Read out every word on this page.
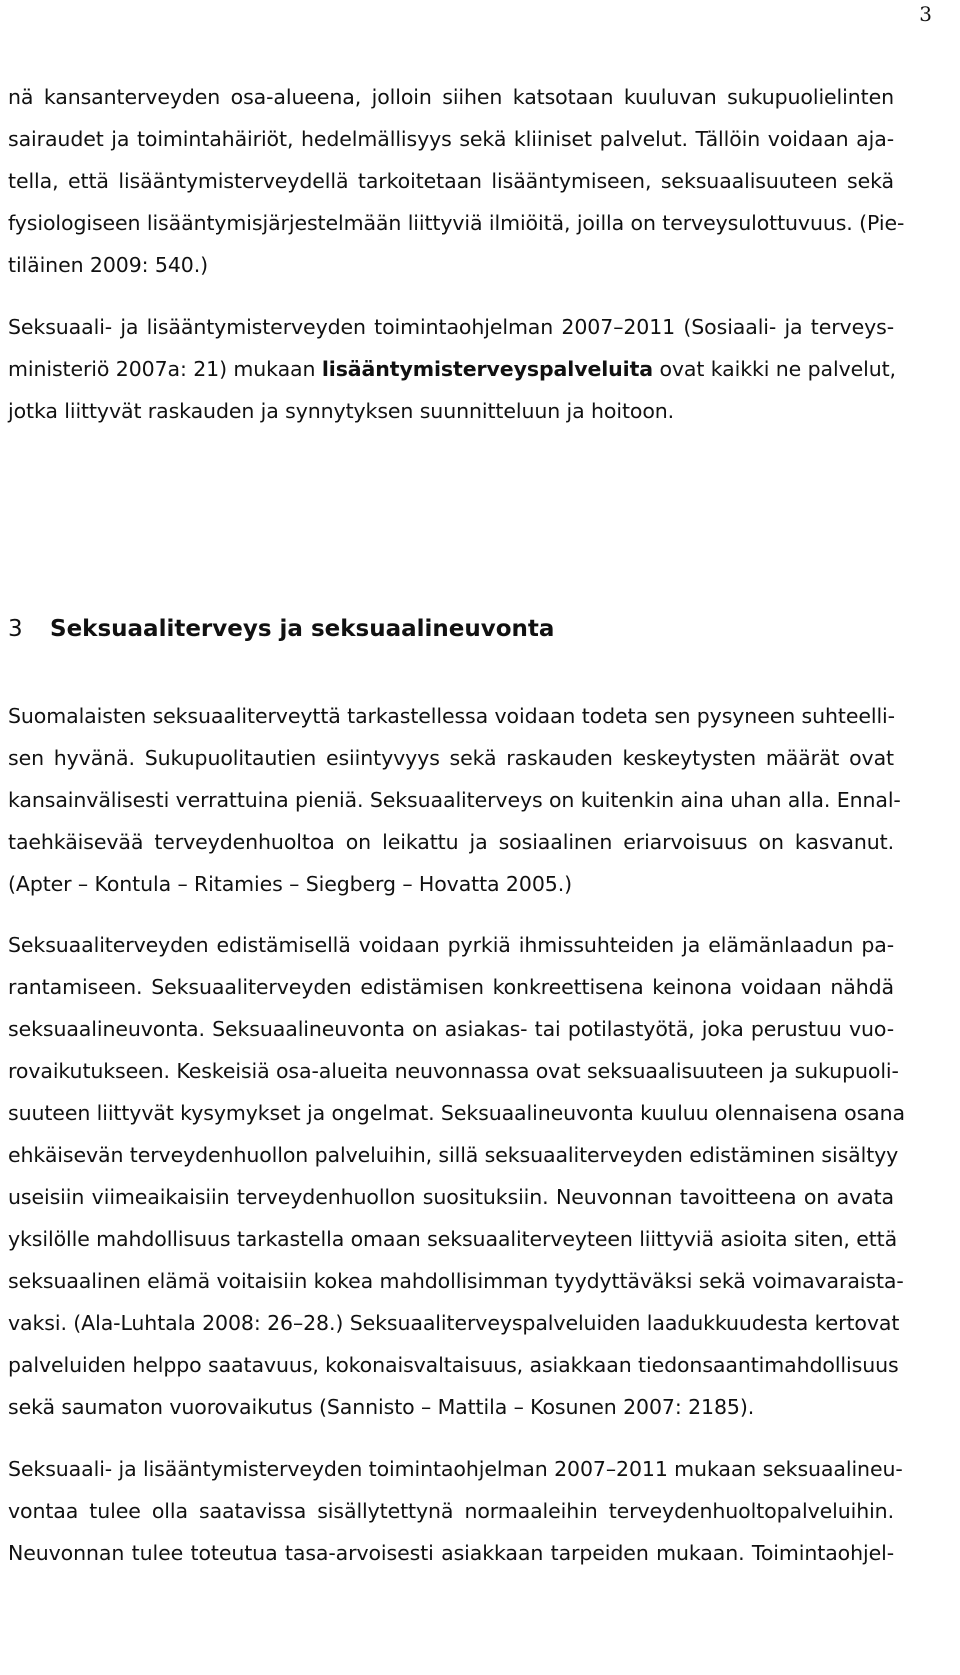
3
nä kansanterveyden osa-alueena, jolloin siihen katsotaan kuuluvan sukupuolielinten
sairaudet ja toimintahäiriöt, hedelmällisyys sekä kliiniset palvelut. Tällöin voidaan aja-
tella, että lisääntymisterveydellä tarkoitetaan lisääntymiseen, seksuaalisuuteen sekä
fysiologiseen lisääntymisjärjestelmään liittyviä ilmiöitä, joilla on terveysulottuvuus. (Pie-
tiläinen 2009: 540.)
Seksuaali- ja lisääntymisterveyden toimintaohjelman 2007–2011 (Sosiaali- ja terveys-
ministeriö 2007a: 21) mukaan lisääntymisterveyspalveluita ovat kaikki ne palvelut,
jotka liittyvät raskauden ja synnytyksen suunnitteluun ja hoitoon.
3 Seksuaaliterveys ja seksuaalineuvonta
Suomalaisten seksuaaliterveyttä tarkastellessa voidaan todeta sen pysyneen suhteelli-
sen hyvänä. Sukupuolitautien esiintyvyys sekä raskauden keskeytysten määrät ovat
kansainvälisesti verrattuina pieniä. Seksuaaliterveys on kuitenkin aina uhan alla. Ennal-
taehkäisevää terveydenhuoltoa on leikattu ja sosiaalinen eriarvoisuus on kasvanut.
(Apter – Kontula – Ritamies – Siegberg – Hovatta 2005.)
Seksuaaliterveyden edistämisellä voidaan pyrkiä ihmissuhteiden ja elämänlaadun pa-
rantamiseen. Seksuaaliterveyden edistämisen konkreettisena keinona voidaan nähdä
seksuaalineuvonta. Seksuaalineuvonta on asiakas- tai potilastyötä, joka perustuu vuo-
rovaikutukseen. Keskeisiä osa-alueita neuvonnassa ovat seksuaalisuuteen ja sukupuoli-
suuteen liittyvät kysymykset ja ongelmat. Seksuaalineuvonta kuuluu olennaisena osana
ehkäisevän terveydenhuollon palveluihin, sillä seksuaaliterveyden edistäminen sisältyy
useisiin viimeaikaisiin terveydenhuollon suosituksiin. Neuvonnan tavoitteena on avata
yksilölle mahdollisuus tarkastella omaan seksuaaliterveyteen liittyviä asioita siten, että
seksuaalinen elämä voitaisiin kokea mahdollisimman tyydyttäväksi sekä voimavaraista-
vaksi. (Ala-Luhtala 2008: 26–28.) Seksuaaliterveyspalveluiden laadukkuudesta kertovat
palveluiden helppo saatavuus, kokonaisvaltaisuus, asiakkaan tiedonsaantimahdollisuus
sekä saumaton vuorovaikutus (Sannisto – Mattila – Kosunen 2007: 2185).
Seksuaali- ja lisääntymisterveyden toimintaohjelman 2007–2011 mukaan seksuaalineu-
vontaa tulee olla saatavissa sisällytettynä normaaleihin terveydenhuoltopalveluihin.
Neuvonnan tulee toteutua tasa-arvoisesti asiakkaan tarpeiden mukaan. Toimintaohjel-
